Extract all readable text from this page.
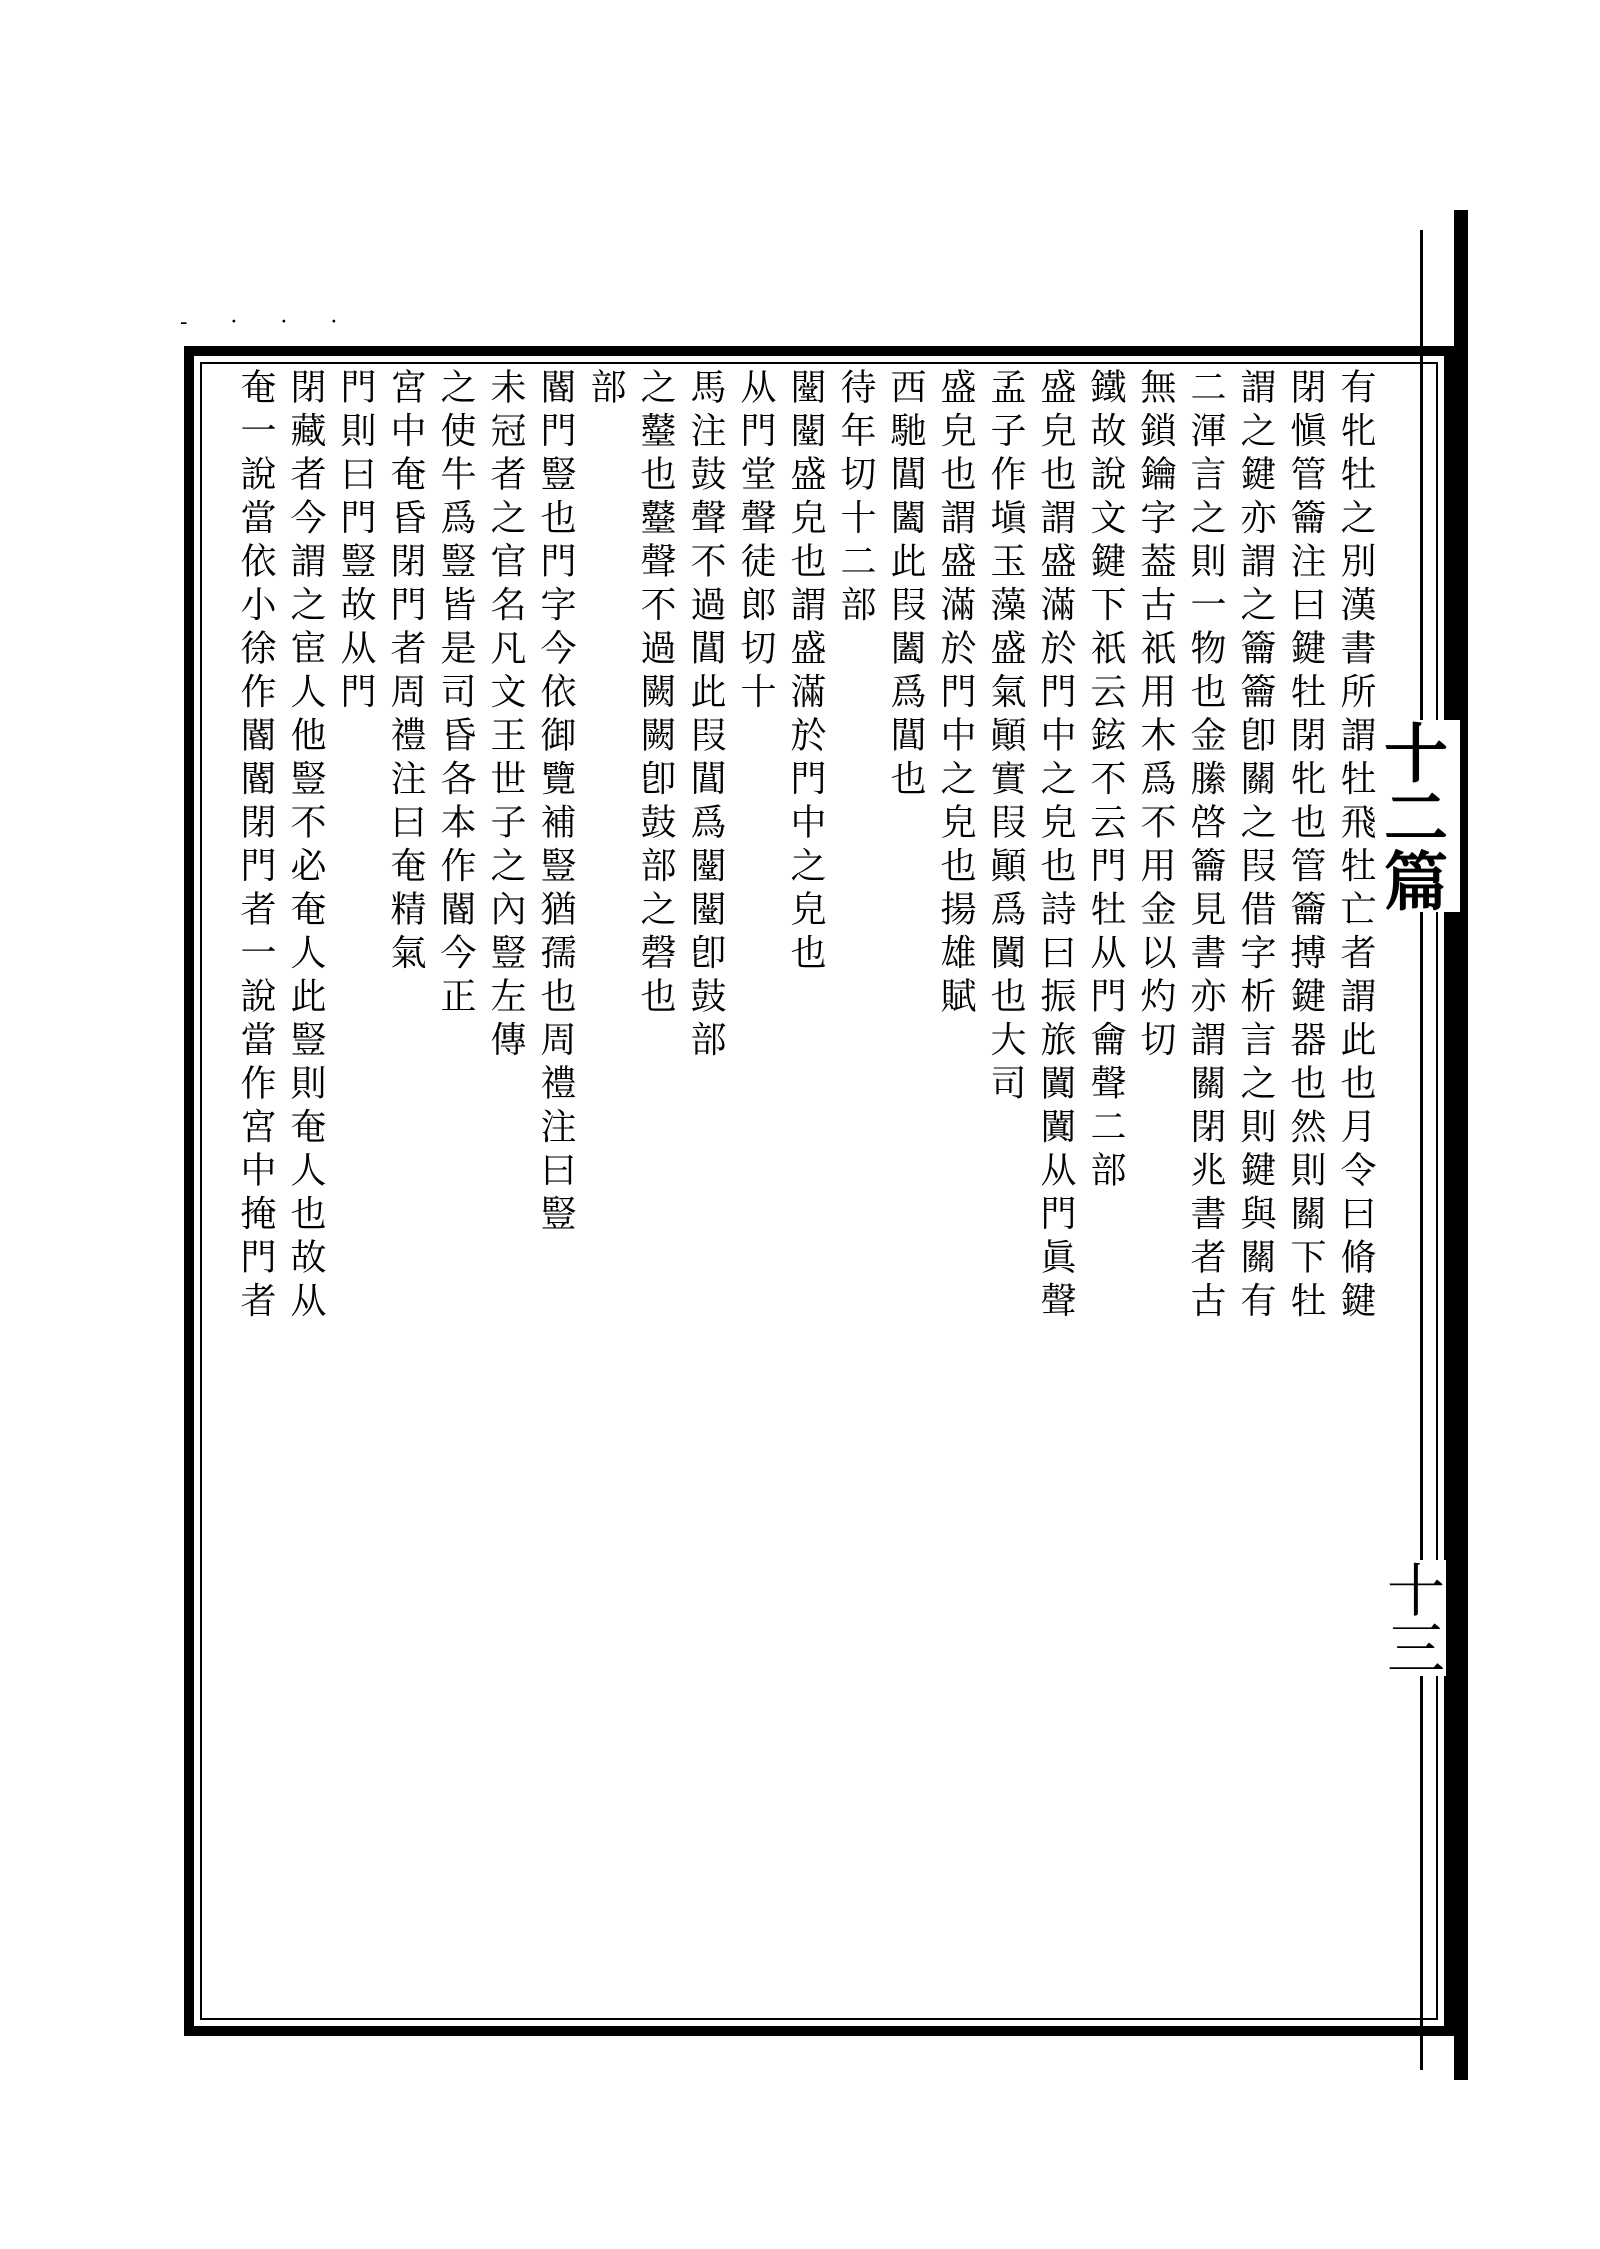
- · · ·
十二篇
十三
有牝牡之別漢書所謂牡飛牡亡者謂此也月令曰脩鍵
閉愼管籥注曰鍵牡閉牝也管籥搏鍵器也然則關下牡
謂之鍵亦謂之籥籥卽關之叚借字析言之則鍵與關有
二渾言之則一物也金縢啓籥見書亦謂關閉兆書者古
無鎖鑰字葢古祇用木爲不用金以灼切
鐵故說文鍵下祇云鉉不云門牡从門龠聲二部
盛皃也謂盛滿於門中之皃也詩曰振旅闐闐从門眞聲
孟子作塡玉藻盛氣顚實叚顚爲闐也大司
盛皃也謂盛滿於門中之皃也揚雄賦
西馳閶闔此叚闔爲閶也
待年切十二部
闛闛盛皃也謂盛滿於門中之皃也
从門堂聲徒郎切十
馬注鼓聲不過閶此叚閶爲闛闛卽鼓部
之鼞也鼞聲不過闕闕卽鼓部之磬也
部
閽門豎也門字今依御覽補豎猶孺也周禮注曰豎
未冠者之官名凡文王世子之內豎左傳
之使牛爲豎皆是司昏各本作閽今正
宮中奄昏閉門者周禮注曰奄精氣
門則曰門豎故从門
閉藏者今謂之宦人他豎不必奄人此豎則奄人也故从
奄一說當依小徐作閽閽閉門者一說當作宮中掩門者
